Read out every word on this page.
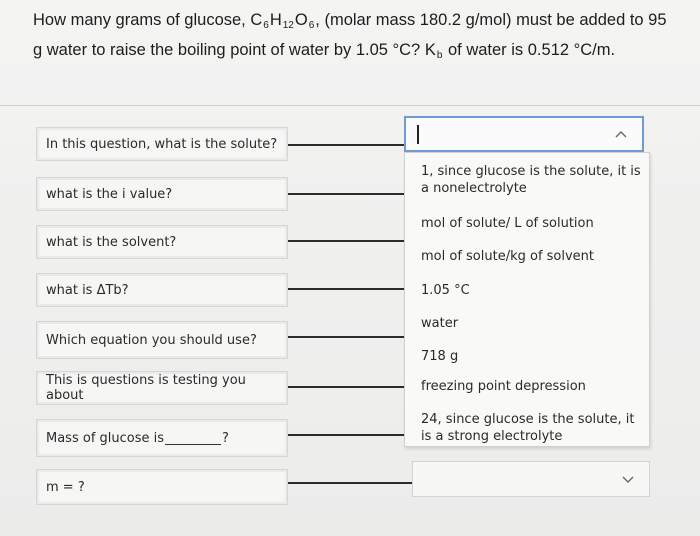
How many grams of glucose, $C_6H_{12}O_6$, (molar mass 180.2 g/mol) must be added to 95 g water to raise the boiling point of water by 1.05 °C? $K_b$ of water is 0.512 °C/m.
In this question, what is the solute?
what is the i value?
what is the solvent?
what is ΔTb?
Which equation you should use?
This is questions is testing you about
Mass of glucose is	?
m = ?
1, since glucose is the solute, it is a nonelectrolyte
mol of solute/ L of solution
mol of solute/kg of solvent
1.05 °C
water
718 g
freezing point depression
24, since glucose is the solute, it is a strong electrolyte
